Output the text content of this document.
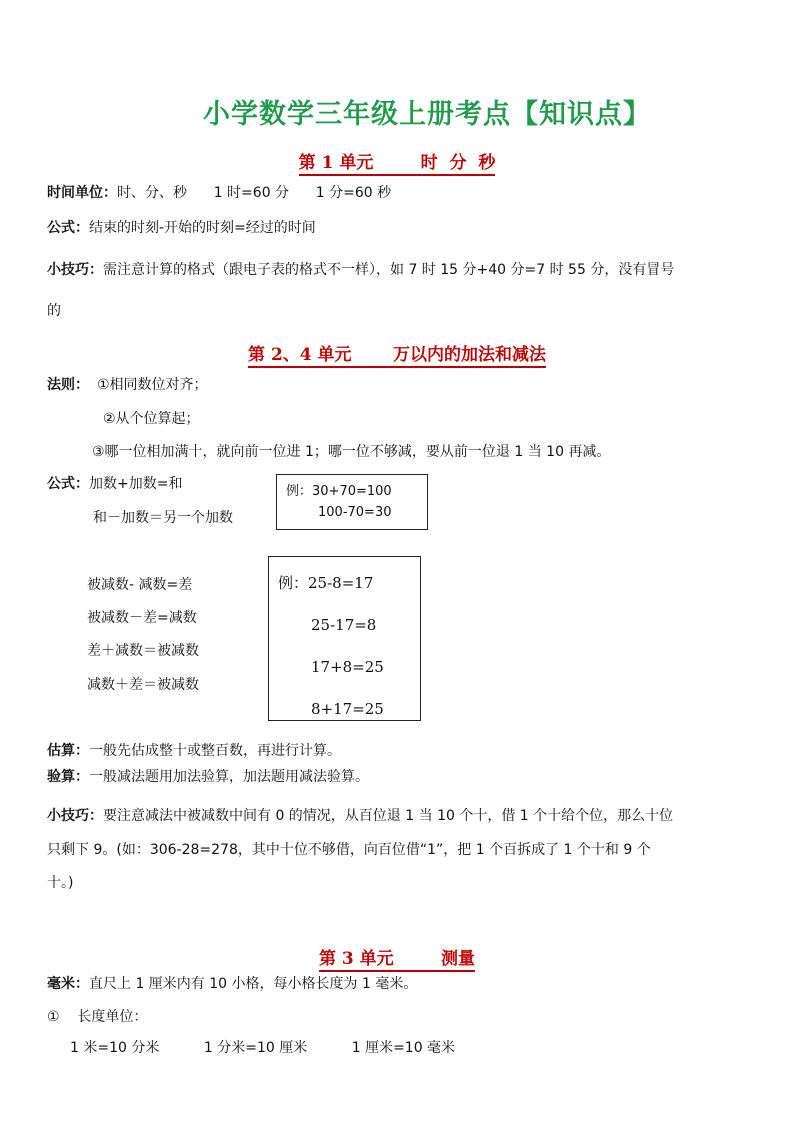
小学数学三年级上册考点【知识点】
第 1 单元        时  分  秒
时间单位：时、分、秒      1 时=60 分      1 分=60 秒
公式：结束的时刻-开始的时刻=经过的时间
小技巧：需注意计算的格式（跟电子表的格式不一样），如 7 时 15 分+40 分=7 时 55 分，没有冒号
的
第 2、4 单元       万以内的加法和减法
法则： ①相同数位对齐；
②从个位算起；
③哪一位相加满十，就向前一位进 1；哪一位不够减，要从前一位退 1 当 10 再减。
公式：加数+加数=和
和－加数＝另一个加数
例：30+70=100
100-70=30
被减数- 减数=差
被减数－差=减数
差＋减数＝被减数
减数＋差＝被减数
例：25-8=17
25-17=8
17+8=25
8+17=25
估算：一般先估成整十或整百数，再进行计算。
验算：一般减法题用加法验算，加法题用减法验算。
小技巧：要注意减法中被减数中间有 0 的情况，从百位退 1 当 10 个十，借 1 个十给个位，那么十位
只剩下 9。(如：306-28=278，其中十位不够借，向百位借“1”，把 1 个百拆成了 1 个十和 9 个
十。)
第 3 单元        测量
毫米：直尺上 1 厘米内有 10 小格，每小格长度为 1 毫米。
①    长度单位：
1 米=10 分米          1 分米=10 厘米          1 厘米=10 毫米
